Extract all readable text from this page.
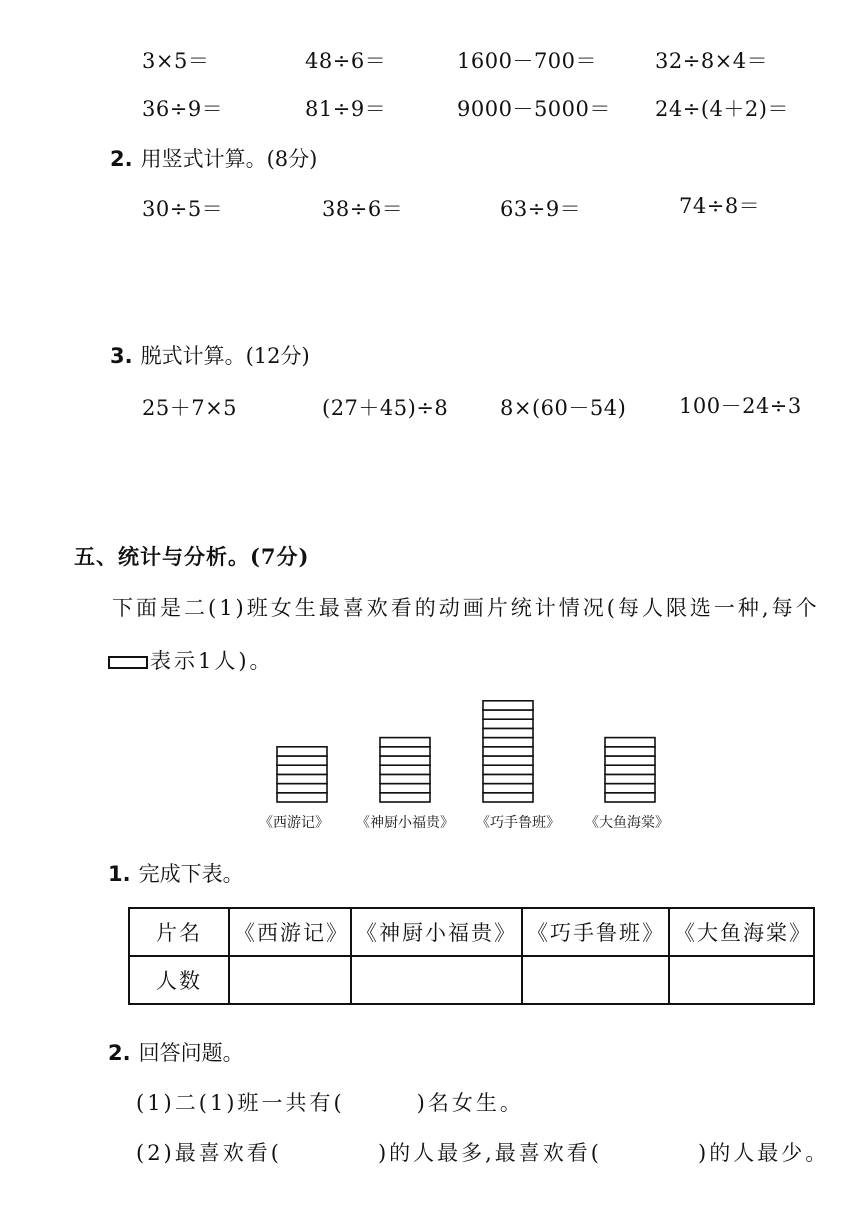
3×5＝	48÷6＝	1600－700＝	32÷8×4＝
36÷9＝	81÷9＝	9000－5000＝ 24÷(4＋2)＝
2. 用竖式计算。(8分)
30÷5＝	38÷6＝	63÷9＝	74÷8＝
3. 脱式计算。(12分)
25＋7×5	(27＋45)÷8 8×(60－54)	100－24÷3
五、统计与分析。(7分)
下面是二(1)班女生最喜欢看的动画片统计情况(每人限选一种,每个
表示1人)。
《西游记》 《神厨小福贵》 《巧手鲁班》 《大鱼海棠》
1. 完成下表。
片名	《西游记》	《神厨小福贵》	《巧手鲁班》	《大鱼海棠》
人数				
2. 回答问题。
(1)二(1)班一共有(　　　)名女生。
(2)最喜欢看(　　　　)的人最多,最喜欢看(　　　　)的人最少。
